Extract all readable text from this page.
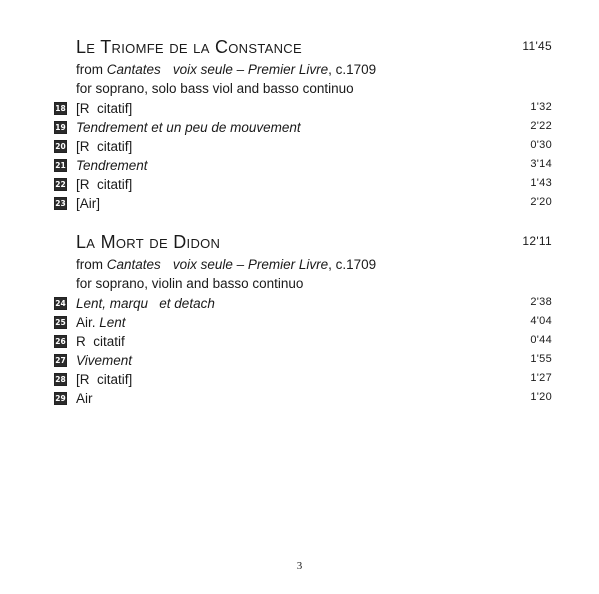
Le Triomfe de la Constance	11'45
from Cantates voix seule – Premier Livre, c.1709
for soprano, solo bass viol and basso continuo
18 [R  citatif]	1'32
19 Tendrement et un peu de mouvement	2'22
20 [R  citatif]	0'30
21 Tendrement	3'14
22 [R  citatif]	1'43
23 [Air]	2'20
La Mort de Didon	12'11
from Cantates voix seule – Premier Livre, c.1709
for soprano, violin and basso continuo
24 Lent, marqu   et detach	2'38
25 Air. Lent	4'04
26 R  citatif	0'44
27 Vivement	1'55
28 [R  citatif]	1'27
29 Air	1'20
3
